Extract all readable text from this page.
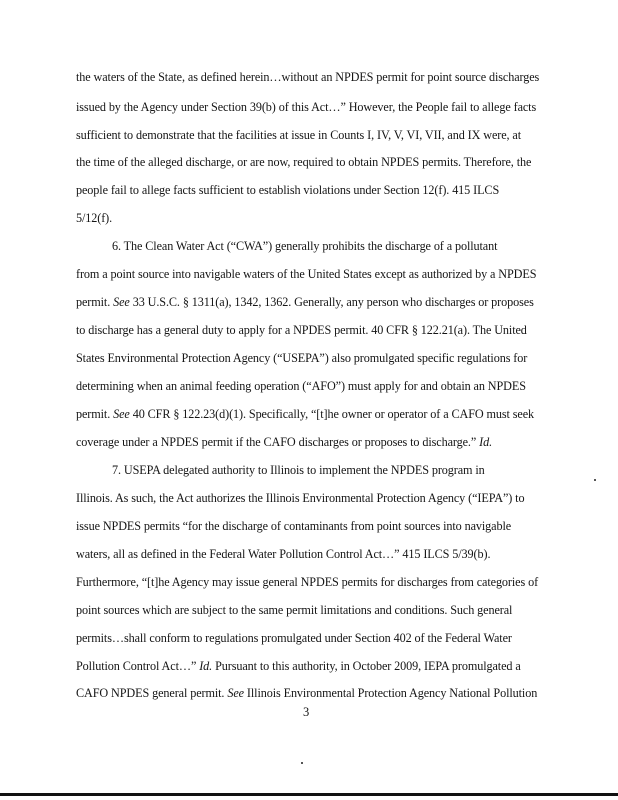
the waters of the State, as defined herein…without an NPDES permit for point source discharges
issued by the Agency under Section 39(b) of this Act…” However, the People fail to allege facts
sufficient to demonstrate that the facilities at issue in Counts I, IV, V, VI, VII, and IX were, at
the time of the alleged discharge, or are now, required to obtain NPDES permits. Therefore, the
people fail to allege facts sufficient to establish violations under Section 12(f). 415 ILCS
5/12(f).
6. The Clean Water Act (“CWA”) generally prohibits the discharge of a pollutant
from a point source into navigable waters of the United States except as authorized by a NPDES
permit. See 33 U.S.C. § 1311(a), 1342, 1362. Generally, any person who discharges or proposes
to discharge has a general duty to apply for a NPDES permit. 40 CFR § 122.21(a). The United
States Environmental Protection Agency (“USEPA”) also promulgated specific regulations for
determining when an animal feeding operation (“AFO”) must apply for and obtain an NPDES
permit. See 40 CFR § 122.23(d)(1). Specifically, “[t]he owner or operator of a CAFO must seek
coverage under a NPDES permit if the CAFO discharges or proposes to discharge.” Id.
7. USEPA delegated authority to Illinois to implement the NPDES program in
Illinois. As such, the Act authorizes the Illinois Environmental Protection Agency (“IEPA”) to
issue NPDES permits “for the discharge of contaminants from point sources into navigable
waters, all as defined in the Federal Water Pollution Control Act…” 415 ILCS 5/39(b).
Furthermore, “[t]he Agency may issue general NPDES permits for discharges from categories of
point sources which are subject to the same permit limitations and conditions. Such general
permits…shall conform to regulations promulgated under Section 402 of the Federal Water
Pollution Control Act…” Id. Pursuant to this authority, in October 2009, IEPA promulgated a
CAFO NPDES general permit. See Illinois Environmental Protection Agency National Pollution
3
